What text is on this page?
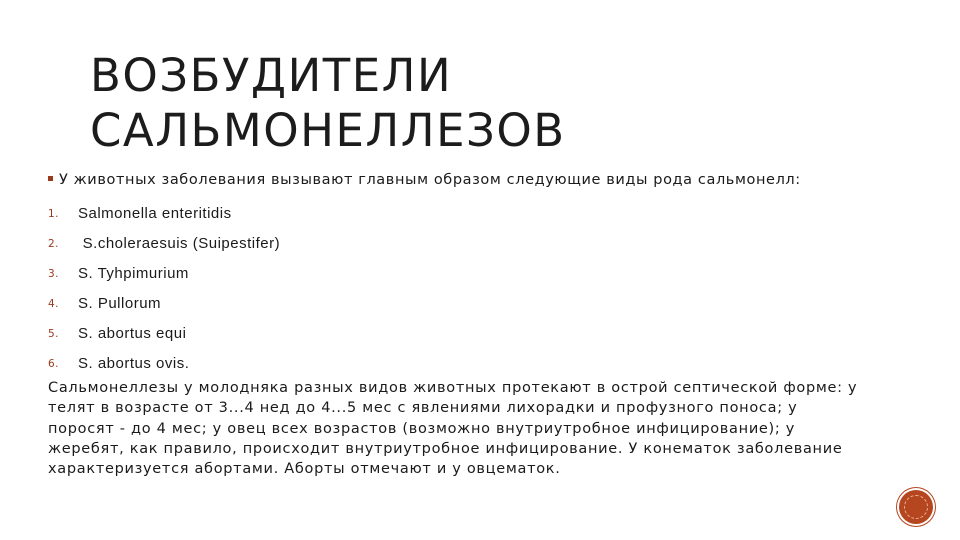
ВОЗБУДИТЕЛИ
САЛЬМОНЕЛЛЕЗОВ
У животных заболевания вызывают главным образом следующие виды рода сальмонелл:
1.	Salmonella enteritidis
2.	S.choleraesuis (Suipestifer)
3.	S. Tyhpimurium
4.	S. Pullorum
5.	S. abortus equi
6.	S. abortus ovis.

Сальмонеллезы у молодняка разных видов животных протекают в острой септической форме: у телят в возрасте от 3...4 нед до 4...5 мес с явлениями лихорадки и профузного поноса; у поросят - до 4 мес; у овец всех возрастов (возможно внутриутробное инфицирование); у жеребят, как правило, происходит внутриутробное инфицирование. У конематок заболевание характеризуется абортами. Аборты отмечают и у овцематок.
